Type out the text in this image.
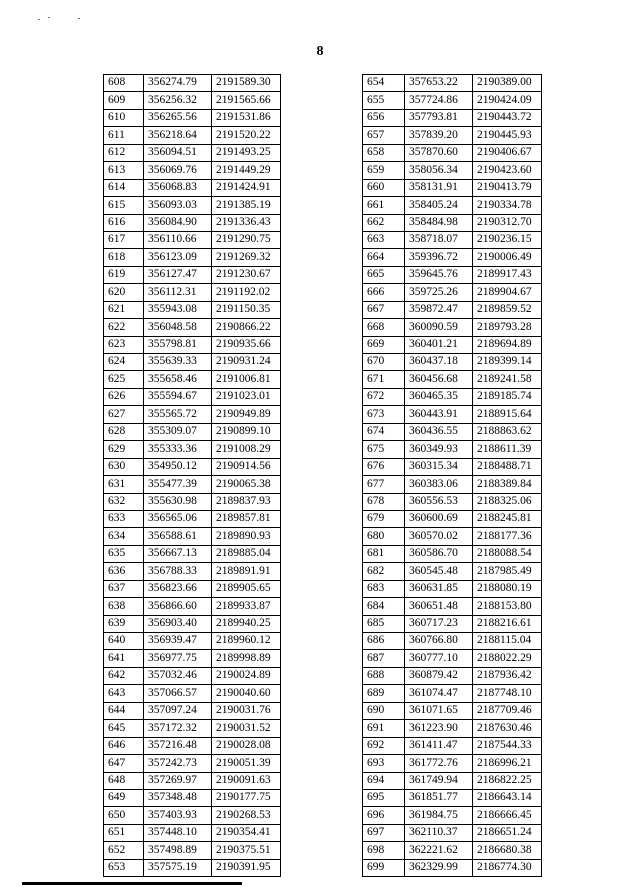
8
608	356274.79	2191589.30
609	356256.32	2191565.66
610	356265.56	2191531.86
611	356218.64	2191520.22
612	356094.51	2191493.25
613	356069.76	2191449.29
614	356068.83	2191424.91
615	356093.03	2191385.19
616	356084.90	2191336.43
617	356110.66	2191290.75
618	356123.09	2191269.32
619	356127.47	2191230.67
620	356112.31	2191192.02
621	355943.08	2191150.35
622	356048.58	2190866.22
623	355798.81	2190935.66
624	355639.33	2190931.24
625	355658.46	2191006.81
626	355594.67	2191023.01
627	355565.72	2190949.89
628	355309.07	2190899.10
629	355333.36	2191008.29
630	354950.12	2190914.56
631	355477.39	2190065.38
632	355630.98	2189837.93
633	356565.06	2189857.81
634	356588.61	2189890.93
635	356667.13	2189885.04
636	356788.33	2189891.91
637	356823.66	2189905.65
638	356866.60	2189933.87
639	356903.40	2189940.25
640	356939.47	2189960.12
641	356977.75	2189998.89
642	357032.46	2190024.89
643	357066.57	2190040.60
644	357097.24	2190031.76
645	357172.32	2190031.52
646	357216.48	2190028.08
647	357242.73	2190051.39
648	357269.97	2190091.63
649	357348.48	2190177.75
650	357403.93	2190268.53
651	357448.10	2190354.41
652	357498.89	2190375.51
653	357575.19	2190391.95
654	357653.22	2190389.00
655	357724.86	2190424.09
656	357793.81	2190443.72
657	357839.20	2190445.93
658	357870.60	2190406.67
659	358056.34	2190423.60
660	358131.91	2190413.79
661	358405.24	2190334.78
662	358484.98	2190312.70
663	358718.07	2190236.15
664	359396.72	2190006.49
665	359645.76	2189917.43
666	359725.26	2189904.67
667	359872.47	2189859.52
668	360090.59	2189793.28
669	360401.21	2189694.89
670	360437.18	2189399.14
671	360456.68	2189241.58
672	360465.35	2189185.74
673	360443.91	2188915.64
674	360436.55	2188863.62
675	360349.93	2188611.39
676	360315.34	2188488.71
677	360383.06	2188389.84
678	360556.53	2188325.06
679	360600.69	2188245.81
680	360570.02	2188177.36
681	360586.70	2188088.54
682	360545.48	2187985.49
683	360631.85	2188080.19
684	360651.48	2188153.80
685	360717.23	2188216.61
686	360766.80	2188115.04
687	360777.10	2188022.29
688	360879.42	2187936.42
689	361074.47	2187748.10
690	361071.65	2187709.46
691	361223.90	2187630.46
692	361411.47	2187544.33
693	361772.76	2186996.21
694	361749.94	2186822.25
695	361851.77	2186643.14
696	361984.75	2186666.45
697	362110.37	2186651.24
698	362221.62	2186680.38
699	362329.99	2186774.30
